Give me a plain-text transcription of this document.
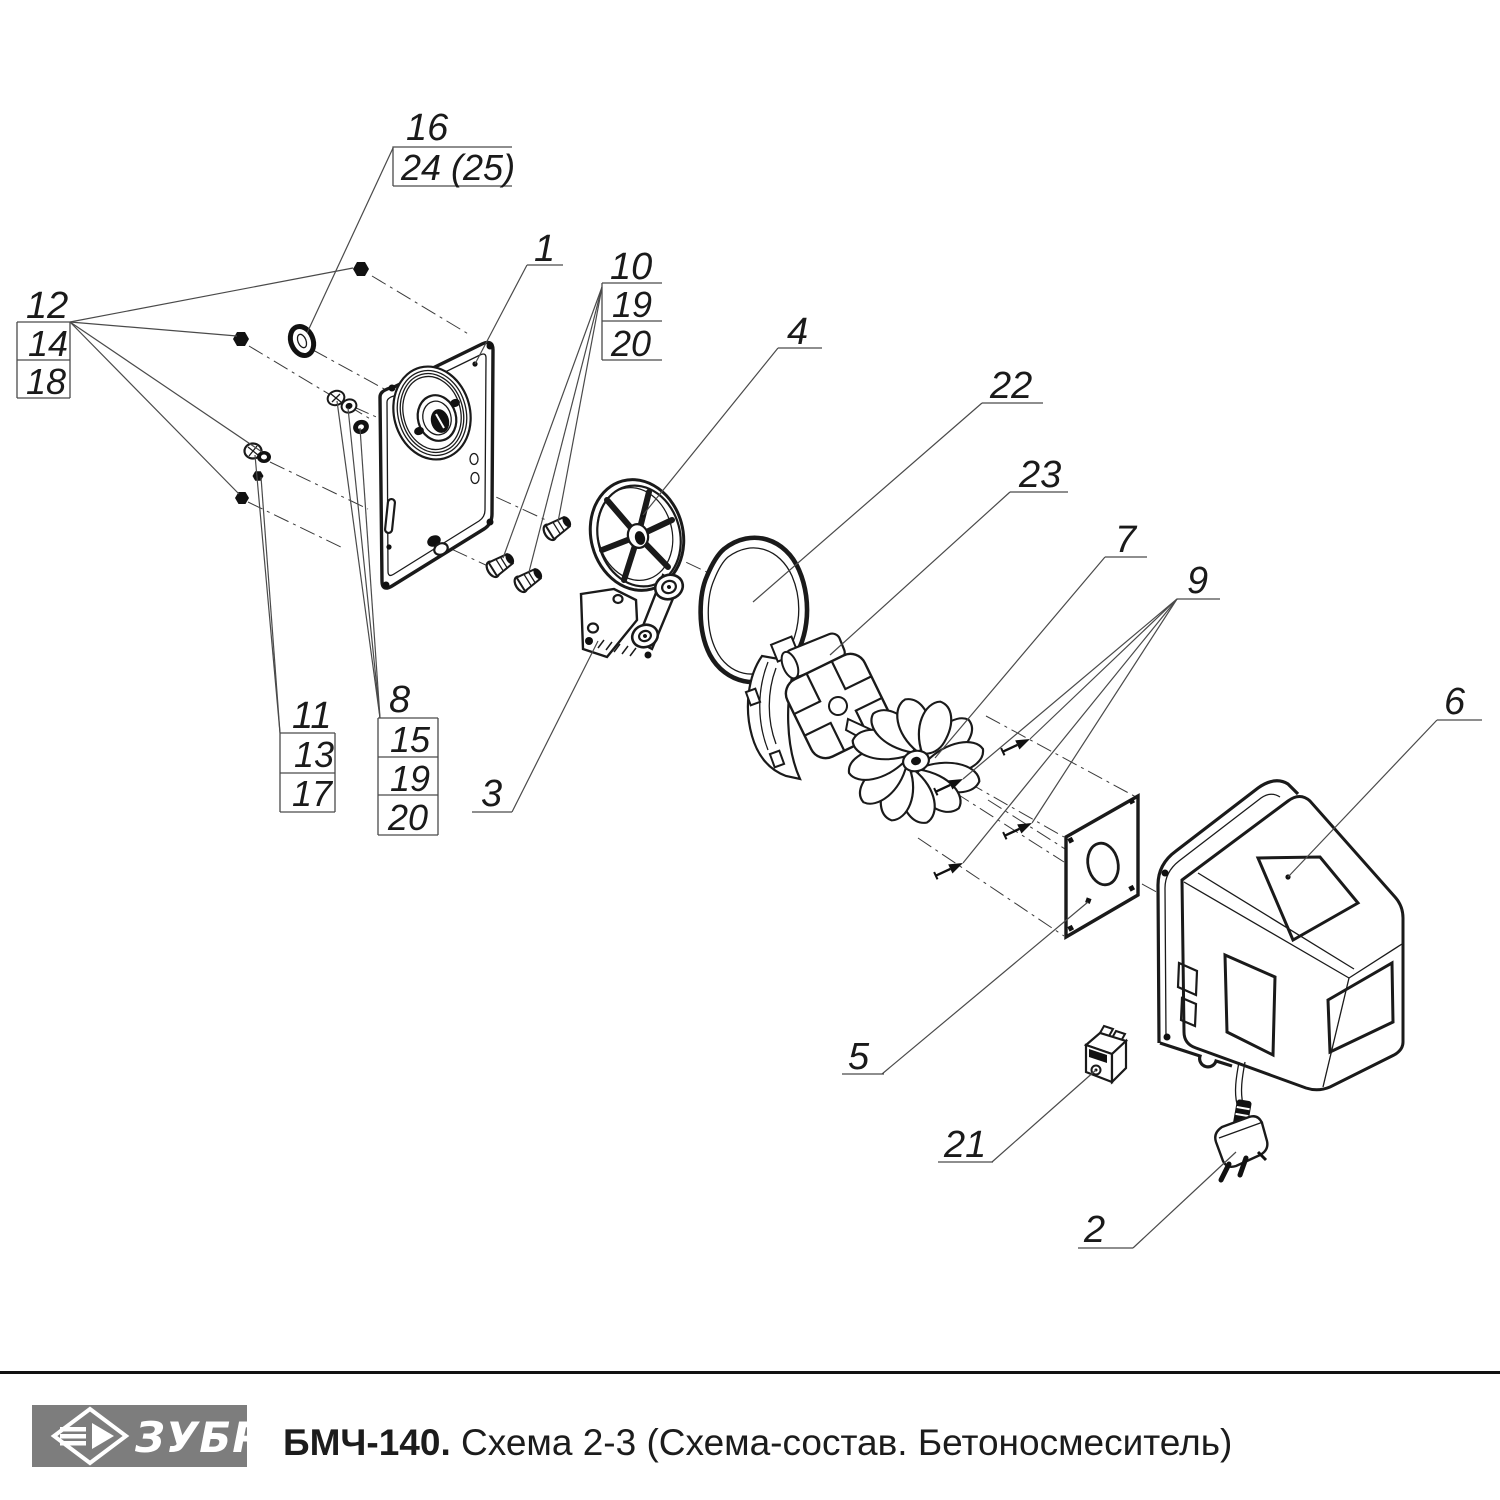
16
24 (25)
12
14
18
1 10
19
20	4
22
23
7
9
6
11
13
17
8
15
19
20
3
5
21
2
ЗУБР БМЧ-140. Схема 2-3 (Схема-состав. Бетоносмеситель)
